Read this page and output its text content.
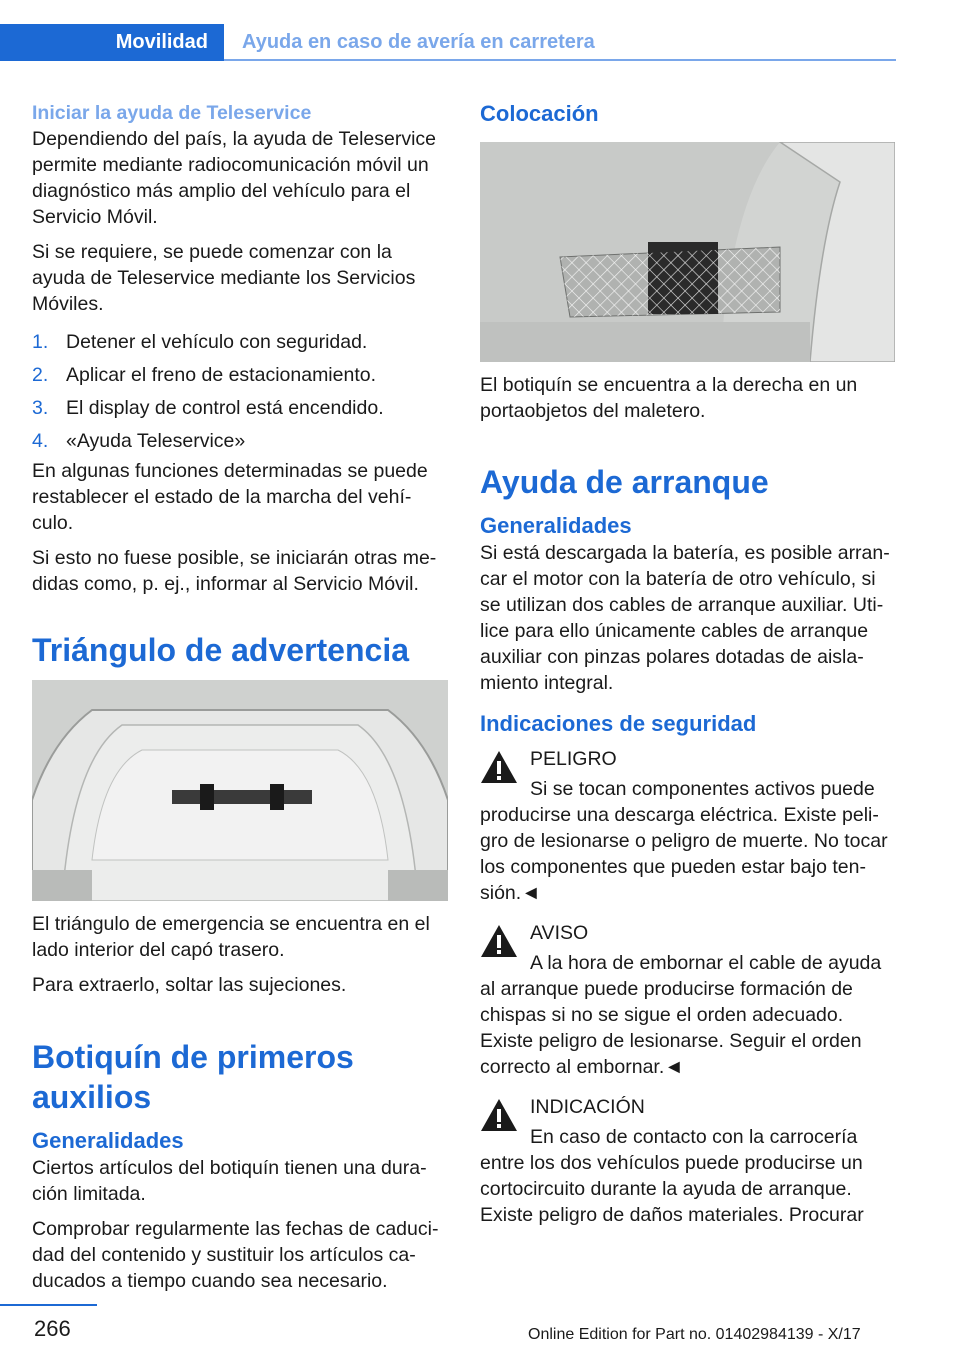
Movilidad	Ayuda en caso de avería en carretera
Iniciar la ayuda de Teleservice

Dependiendo del país, la ayuda de Teleservice permite mediante radiocomunicación móvil un diagnóstico más amplio del vehículo para el Servicio Móvil.

Si se requiere, se puede comenzar con la ayuda de Teleservice mediante los Servicios Móviles.

1. Detener el vehículo con seguridad.
2. Aplicar el freno de estacionamiento.
3. El display de control está encendido.
4. «Ayuda Teleservice»

En algunas funciones determinadas se puede restablecer el estado de la marcha del vehí‐culo.

Si esto no fuese posible, se iniciarán otras me‐didas como, p. ej., informar al Servicio Móvil.

Triángulo de advertencia

El triángulo de emergencia se encuentra en el lado interior del capó trasero.

Para extraerlo, soltar las sujeciones.

Botiquín de primeros auxilios
Generalidades

Ciertos artículos del botiquín tienen una dura‐ción limitada.

Comprobar regularmente las fechas de caduci‐dad del contenido y sustituir los artículos ca‐ducados a tiempo cuando sea necesario.

Colocación

El botiquín se encuentra a la derecha en un portaobjetos del maletero.

Ayuda de arranque
Generalidades

Si está descargada la batería, es posible arran‐car el motor con la batería de otro vehículo, si se utilizan dos cables de arranque auxiliar. Uti‐lice para ello únicamente cables de arranque auxiliar con pinzas polares dotadas de aisla‐miento integral.

Indicaciones de seguridad

PELIGRO

Si se tocan componentes activos puede producirse una descarga eléctrica. Existe peli‐gro de lesionarse o peligro de muerte. No tocar los componentes que pueden estar bajo ten‐sión.◄

AVISO

A la hora de embornar el cable de ayuda al arranque puede producirse formación de chispas si no se sigue el orden adecuado. Existe peligro de lesionarse. Seguir el orden correcto al embornar.◄

INDICACIÓN

En caso de contacto con la carrocería entre los dos vehículos puede producirse un cortocircuito durante la ayuda de arranque. Existe peligro de daños materiales. Procurar

266	Online Edition for Part no. 01402984139 - X/17
